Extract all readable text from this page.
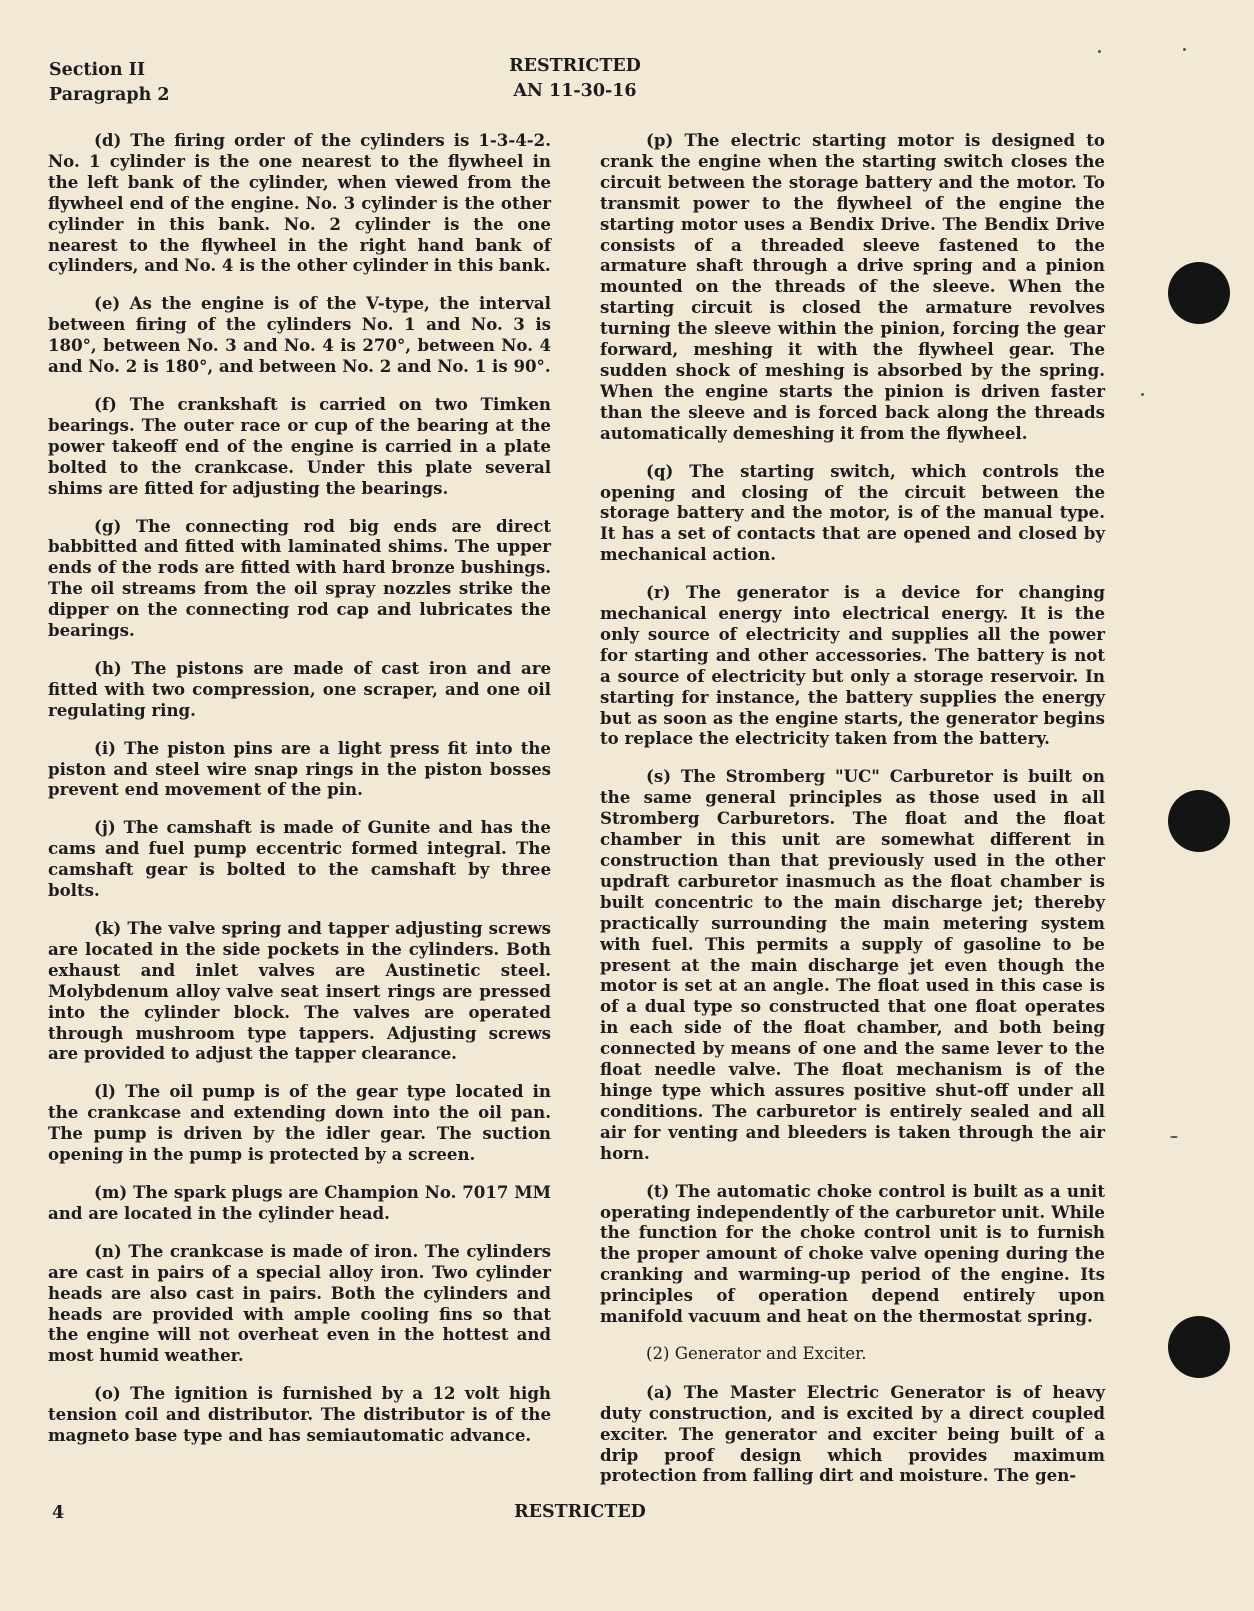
Section II
Paragraph 2
RESTRICTED
AN 11-30-16

(d) The firing order of the cylinders is 1-3-4-2. No. 1 cylinder is the one nearest to the flywheel in the left bank of the cylinder, when viewed from the flywheel end of the engine. No. 3 cylinder is the other cylinder in this bank. No. 2 cylinder is the one nearest to the flywheel in the right hand bank of cylinders, and No. 4 is the other cylinder in this bank.

(e) As the engine is of the V-type, the interval between firing of the cylinders No. 1 and No. 3 is 180°, between No. 3 and No. 4 is 270°, between No. 4 and No. 2 is 180°, and between No. 2 and No. 1 is 90°.

(f) The crankshaft is carried on two Timken bearings. The outer race or cup of the bearing at the power takeoff end of the engine is carried in a plate bolted to the crankcase. Under this plate several shims are fitted for adjusting the bearings.

(g) The connecting rod big ends are direct babbitted and fitted with laminated shims. The upper ends of the rods are fitted with hard bronze bushings. The oil streams from the oil spray nozzles strike the dipper on the connecting rod cap and lubricates the bearings.

(h) The pistons are made of cast iron and are fitted with two compression, one scraper, and one oil regulating ring.

(i) The piston pins are a light press fit into the piston and steel wire snap rings in the piston bosses prevent end movement of the pin.

(j) The camshaft is made of Gunite and has the cams and fuel pump eccentric formed integral. The camshaft gear is bolted to the camshaft by three bolts.

(k) The valve spring and tapper adjusting screws are located in the side pockets in the cylinders. Both exhaust and inlet valves are Austinetic steel. Molybdenum alloy valve seat insert rings are pressed into the cylinder block. The valves are operated through mushroom type tappers. Adjusting screws are provided to adjust the tapper clearance.

(l) The oil pump is of the gear type located in the crankcase and extending down into the oil pan. The pump is driven by the idler gear. The suction opening in the pump is protected by a screen.

(m) The spark plugs are Champion No. 7017 MM and are located in the cylinder head.

(n) The crankcase is made of iron. The cylinders are cast in pairs of a special alloy iron. Two cylinder heads are also cast in pairs. Both the cylinders and heads are provided with ample cooling fins so that the engine will not overheat even in the hottest and most humid weather.

(o) The ignition is furnished by a 12 volt high tension coil and distributor. The distributor is of the magneto base type and has semiautomatic advance.

(p) The electric starting motor is designed to crank the engine when the starting switch closes the circuit between the storage battery and the motor. To transmit power to the flywheel of the engine the starting motor uses a Bendix Drive. The Bendix Drive consists of a threaded sleeve fastened to the armature shaft through a drive spring and a pinion mounted on the threads of the sleeve. When the starting circuit is closed the armature revolves turning the sleeve within the pinion, forcing the gear forward, meshing it with the flywheel gear. The sudden shock of meshing is absorbed by the spring. When the engine starts the pinion is driven faster than the sleeve and is forced back along the threads automatically demeshing it from the flywheel.

(q) The starting switch, which controls the opening and closing of the circuit between the storage battery and the motor, is of the manual type. It has a set of contacts that are opened and closed by mechanical action.

(r) The generator is a device for changing mechanical energy into electrical energy. It is the only source of electricity and supplies all the power for starting and other accessories. The battery is not a source of electricity but only a storage reservoir. In starting for instance, the battery supplies the energy but as soon as the engine starts, the generator begins to replace the electricity taken from the battery.

(s) The Stromberg "UC" Carburetor is built on the same general principles as those used in all Stromberg Carburetors. The float and the float chamber in this unit are somewhat different in construction than that previously used in the other updraft carburetor inasmuch as the float chamber is built concentric to the main discharge jet; thereby practically surrounding the main metering system with fuel. This permits a supply of gasoline to be present at the main discharge jet even though the motor is set at an angle. The float used in this case is of a dual type so constructed that one float operates in each side of the float chamber, and both being connected by means of one and the same lever to the float needle valve. The float mechanism is of the hinge type which assures positive shut-off under all conditions. The carburetor is entirely sealed and all air for venting and bleeders is taken through the air horn.

(t) The automatic choke control is built as a unit operating independently of the carburetor unit. While the function for the choke control unit is to furnish the proper amount of choke valve opening during the cranking and warming-up period of the engine. Its principles of operation depend entirely upon manifold vacuum and heat on the thermostat spring.

(2) Generator and Exciter.

(a) The Master Electric Generator is of heavy duty construction, and is excited by a direct coupled exciter. The generator and exciter being built of a drip proof design which provides maximum protection from falling dirt and moisture. The gen-

4	RESTRICTED
